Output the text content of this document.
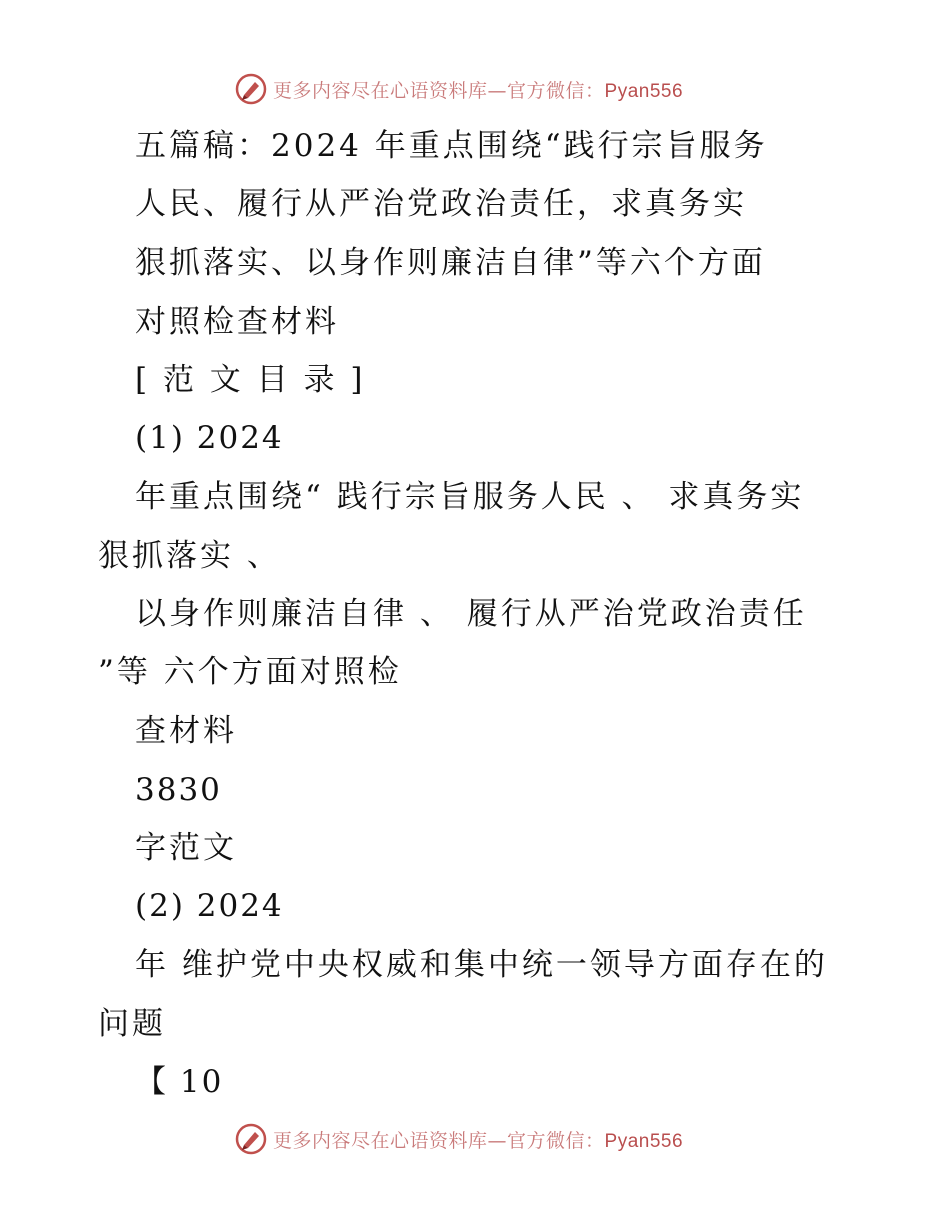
更多内容尽在心语资料库—官方微信：Pyan556
五篇稿：2024 年重点围绕“践行宗旨服务
人民、履行从严治党政治责任，求真务实
狠抓落实、以身作则廉洁自律”等六个方面
对照检查材料
[ 范 文 目 录 ]
(1) 2024
年重点围绕“ 践行宗旨服务人民 、 求真务实
狠抓落实 、
以身作则廉洁自律 、 履行从严治党政治责任
”等 六个方面对照检
查材料
3830
字范文
(2) 2024
年 维护党中央权威和集中统一领导方面存在的
问题
【 10
更多内容尽在心语资料库—官方微信：Pyan556
